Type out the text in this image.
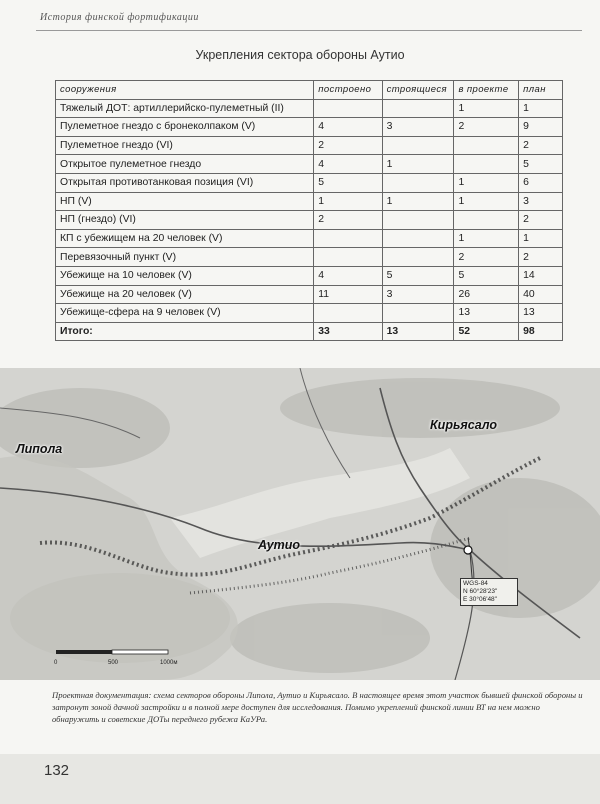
История финской фортификации
Укрепления сектора обороны Аутио
сооружения	построено	строящиеся	в проекте	план
Тяжелый ДОТ: артиллерийско-пулеметный (II)			1	1
Пулеметное гнездо с бронеколпаком (V)	4	3	2	9
Пулеметное гнездо (VI)	2			2
Открытое пулеметное гнездо	4	1		5
Открытая противотанковая позиция (VI)	5		1	6
НП (V)	1	1	1	3
НП (гнездо) (VI)	2			2
КП с убежищем на 20 человек (V)			1	1
Перевязочный пункт (V)			2	2
Убежище на 10 человек (V)	4	5	5	14
Убежище на 20 человек (V)	11	3	26	40
Убежище-сфера на 9 человек (V)			13	13
Итого:	33	13	52	98
0	500	1000м
Липола
Аутио
Кирьясало
WGS-84
N 60°28'23"
E 30°06'48"
Проектная документация: схема секторов обороны Липола, Аутио и Кирьясало. В настоящее время этот участок бывшей финской обороны и затронут зоной дачной застройки и в полной мере доступен для исследования. Помимо укреплений финской линии ВТ на нем можно обнаружить и советские ДОТы переднего рубежа КаУРа.
132
